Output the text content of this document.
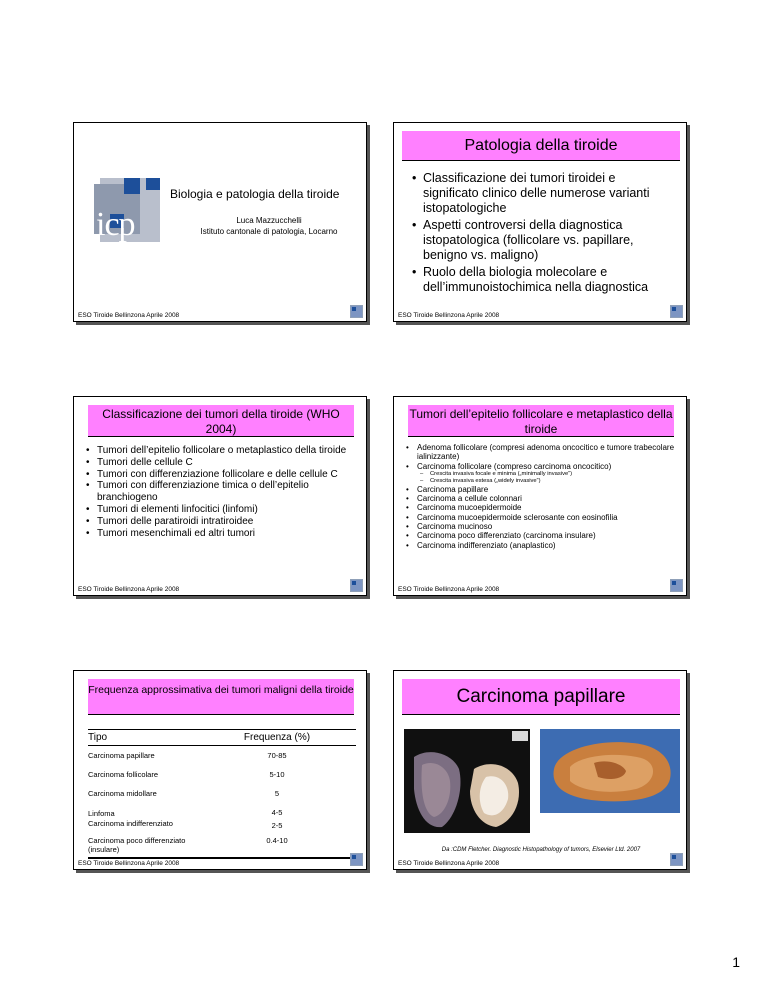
icp
Biologia e patologia della tiroide
Luca Mazzucchelli
Istituto cantonale di patologia, Locarno
ESO Tiroide Bellinzona Aprile 2008
Patologia della tiroide
• Classificazione dei tumori tiroidei e significato clinico delle numerose varianti istopatologiche
• Aspetti controversi della diagnostica istopatologica (follicolare vs. papillare, benigno vs. maligno)
• Ruolo della biologia molecolare e dell’immunoistochimica nella diagnostica
ESO Tiroide Bellinzona Aprile 2008
Classificazione dei tumori della tiroide (WHO 2004)
• Tumori dell’epitelio follicolare o metaplastico della tiroide
• Tumori delle cellule C
• Tumori con differenziazione follicolare e delle cellule C
• Tumori con differenziazione timica o dell’epitelio branchiogeno
• Tumori di elementi linfocitici (linfomi)
• Tumori delle paratiroidi intratiroidee
• Tumori mesenchimali ed altri tumori
ESO Tiroide Bellinzona Aprile 2008
Tumori dell’epitelio follicolare e metaplastico della tiroide
• Adenoma follicolare (compresi adenoma oncocitico e tumore trabecolare ialinizzante)
• Carcinoma follicolare (compreso carcinoma oncocitico)
– Crescita invasiva focale e minima („minimally invasive“)
– Crescita invasiva estesa („widely invasive“)
• Carcinoma papillare
• Carcinoma a cellule colonnari
• Carcinoma mucoepidermoide
• Carcinoma mucoepidermoide sclerosante con eosinofilia
• Carcinoma mucinoso
• Carcinoma poco differenziato (carcinoma insulare)
• Carcinoma indifferenziato (anaplastico)
ESO Tiroide Bellinzona Aprile 2008
Frequenza approssimativa dei tumori maligni della tiroide
Tipo	Frequenza (%)
Carcinoma papillare	70-85
Carcinoma follicolare	5-10
Carcinoma midollare	5
Linfoma	4-5
Carcinoma indifferenziato	2-5
Carcinoma poco differenziato (insulare)	0.4-10
ESO Tiroide Bellinzona Aprile 2008
Carcinoma papillare
Da :CDM Fletcher. Diagnostic Histopathology of tumors, Elsevier Ltd. 2007
ESO Tiroide Bellinzona Aprile 2008
1
